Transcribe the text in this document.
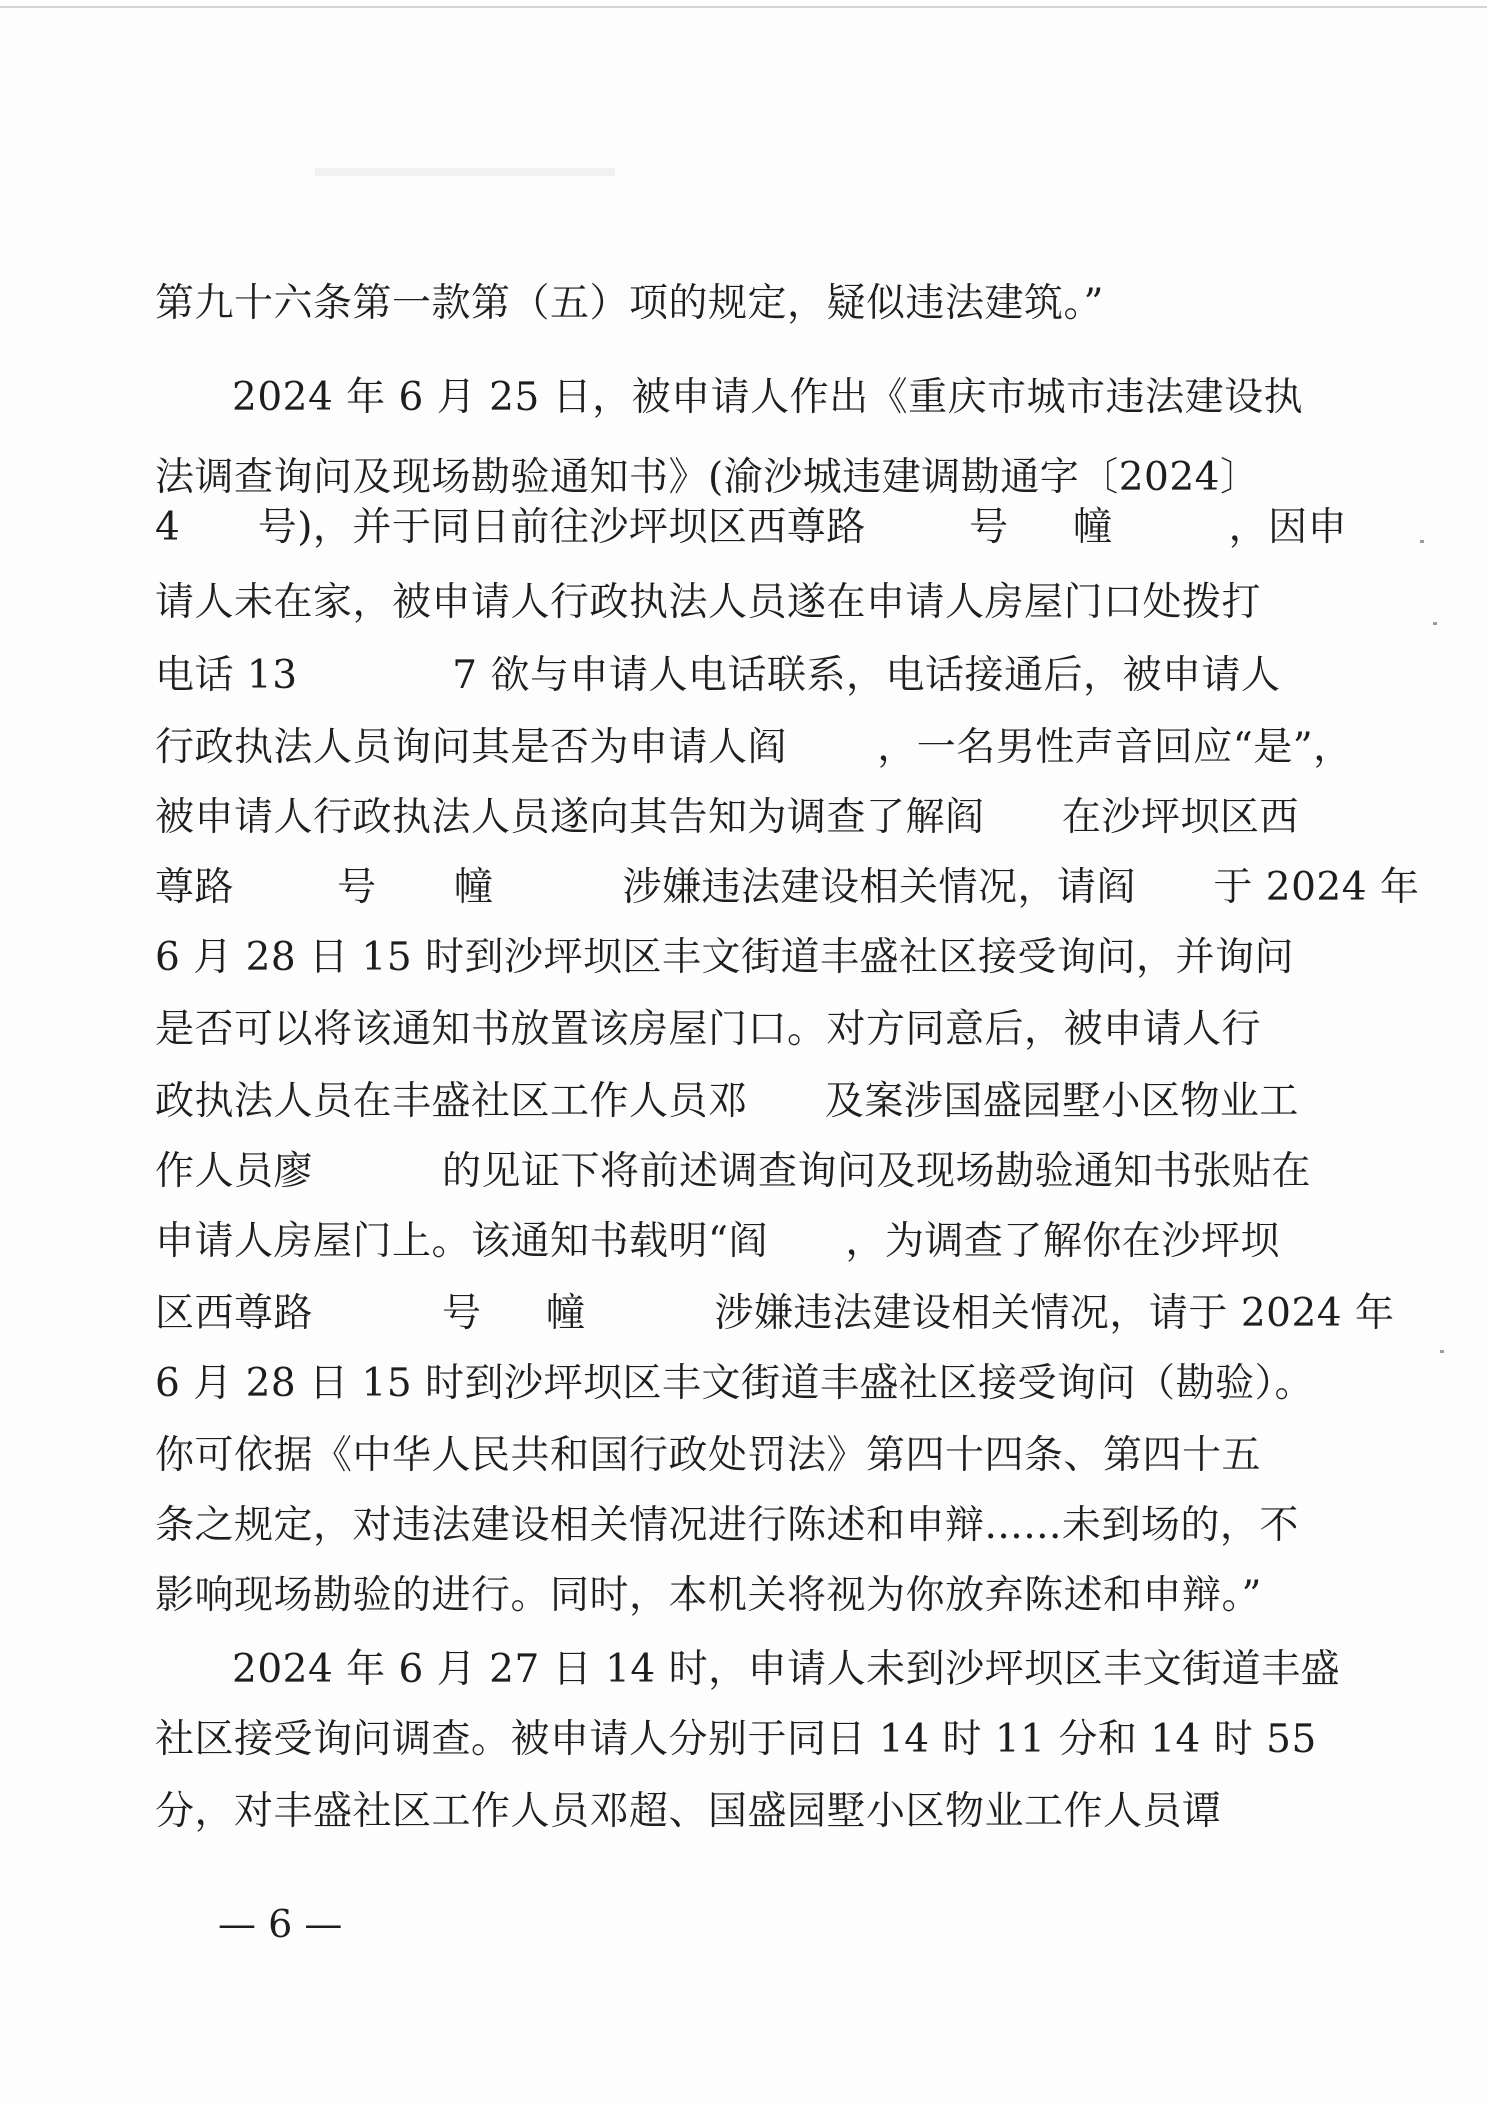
第九十六条第一款第（五）项的规定，疑似违法建筑。”
2024 年 6 月 25 日，被申请人作出《重庆市城市违法建设执
法调查询问及现场勘验通知书》(渝沙城违建调勘通字〔2024〕
4      号)，并于同日前往沙坪坝区西尊路        号     幢         ，因申
请人未在家，被申请人行政执法人员遂在申请人房屋门口处拨打
电话 13            7 欲与申请人电话联系，电话接通后，被申请人
行政执法人员询问其是否为申请人阎       ，一名男性声音回应“是”，
被申请人行政执法人员遂向其告知为调查了解阎      在沙坪坝区西
尊路        号      幢          涉嫌违法建设相关情况，请阎      于 2024 年
6 月 28 日 15 时到沙坪坝区丰文街道丰盛社区接受询问，并询问
是否可以将该通知书放置该房屋门口。对方同意后，被申请人行
政执法人员在丰盛社区工作人员邓      及案涉国盛园墅小区物业工
作人员廖          的见证下将前述调查询问及现场勘验通知书张贴在
申请人房屋门上。该通知书载明“阎      ，为调查了解你在沙坪坝
区西尊路          号     幢          涉嫌违法建设相关情况，请于 2024 年
6 月 28 日 15 时到沙坪坝区丰文街道丰盛社区接受询问（勘验）。
你可依据《中华人民共和国行政处罚法》第四十四条、第四十五
条之规定，对违法建设相关情况进行陈述和申辩......未到场的，不
影响现场勘验的进行。同时，本机关将视为你放弃陈述和申辩。”
2024 年 6 月 27 日 14 时，申请人未到沙坪坝区丰文街道丰盛
社区接受询问调查。被申请人分别于同日 14 时 11 分和 14 时 55
分，对丰盛社区工作人员邓超、国盛园墅小区物业工作人员谭
— 6 —
